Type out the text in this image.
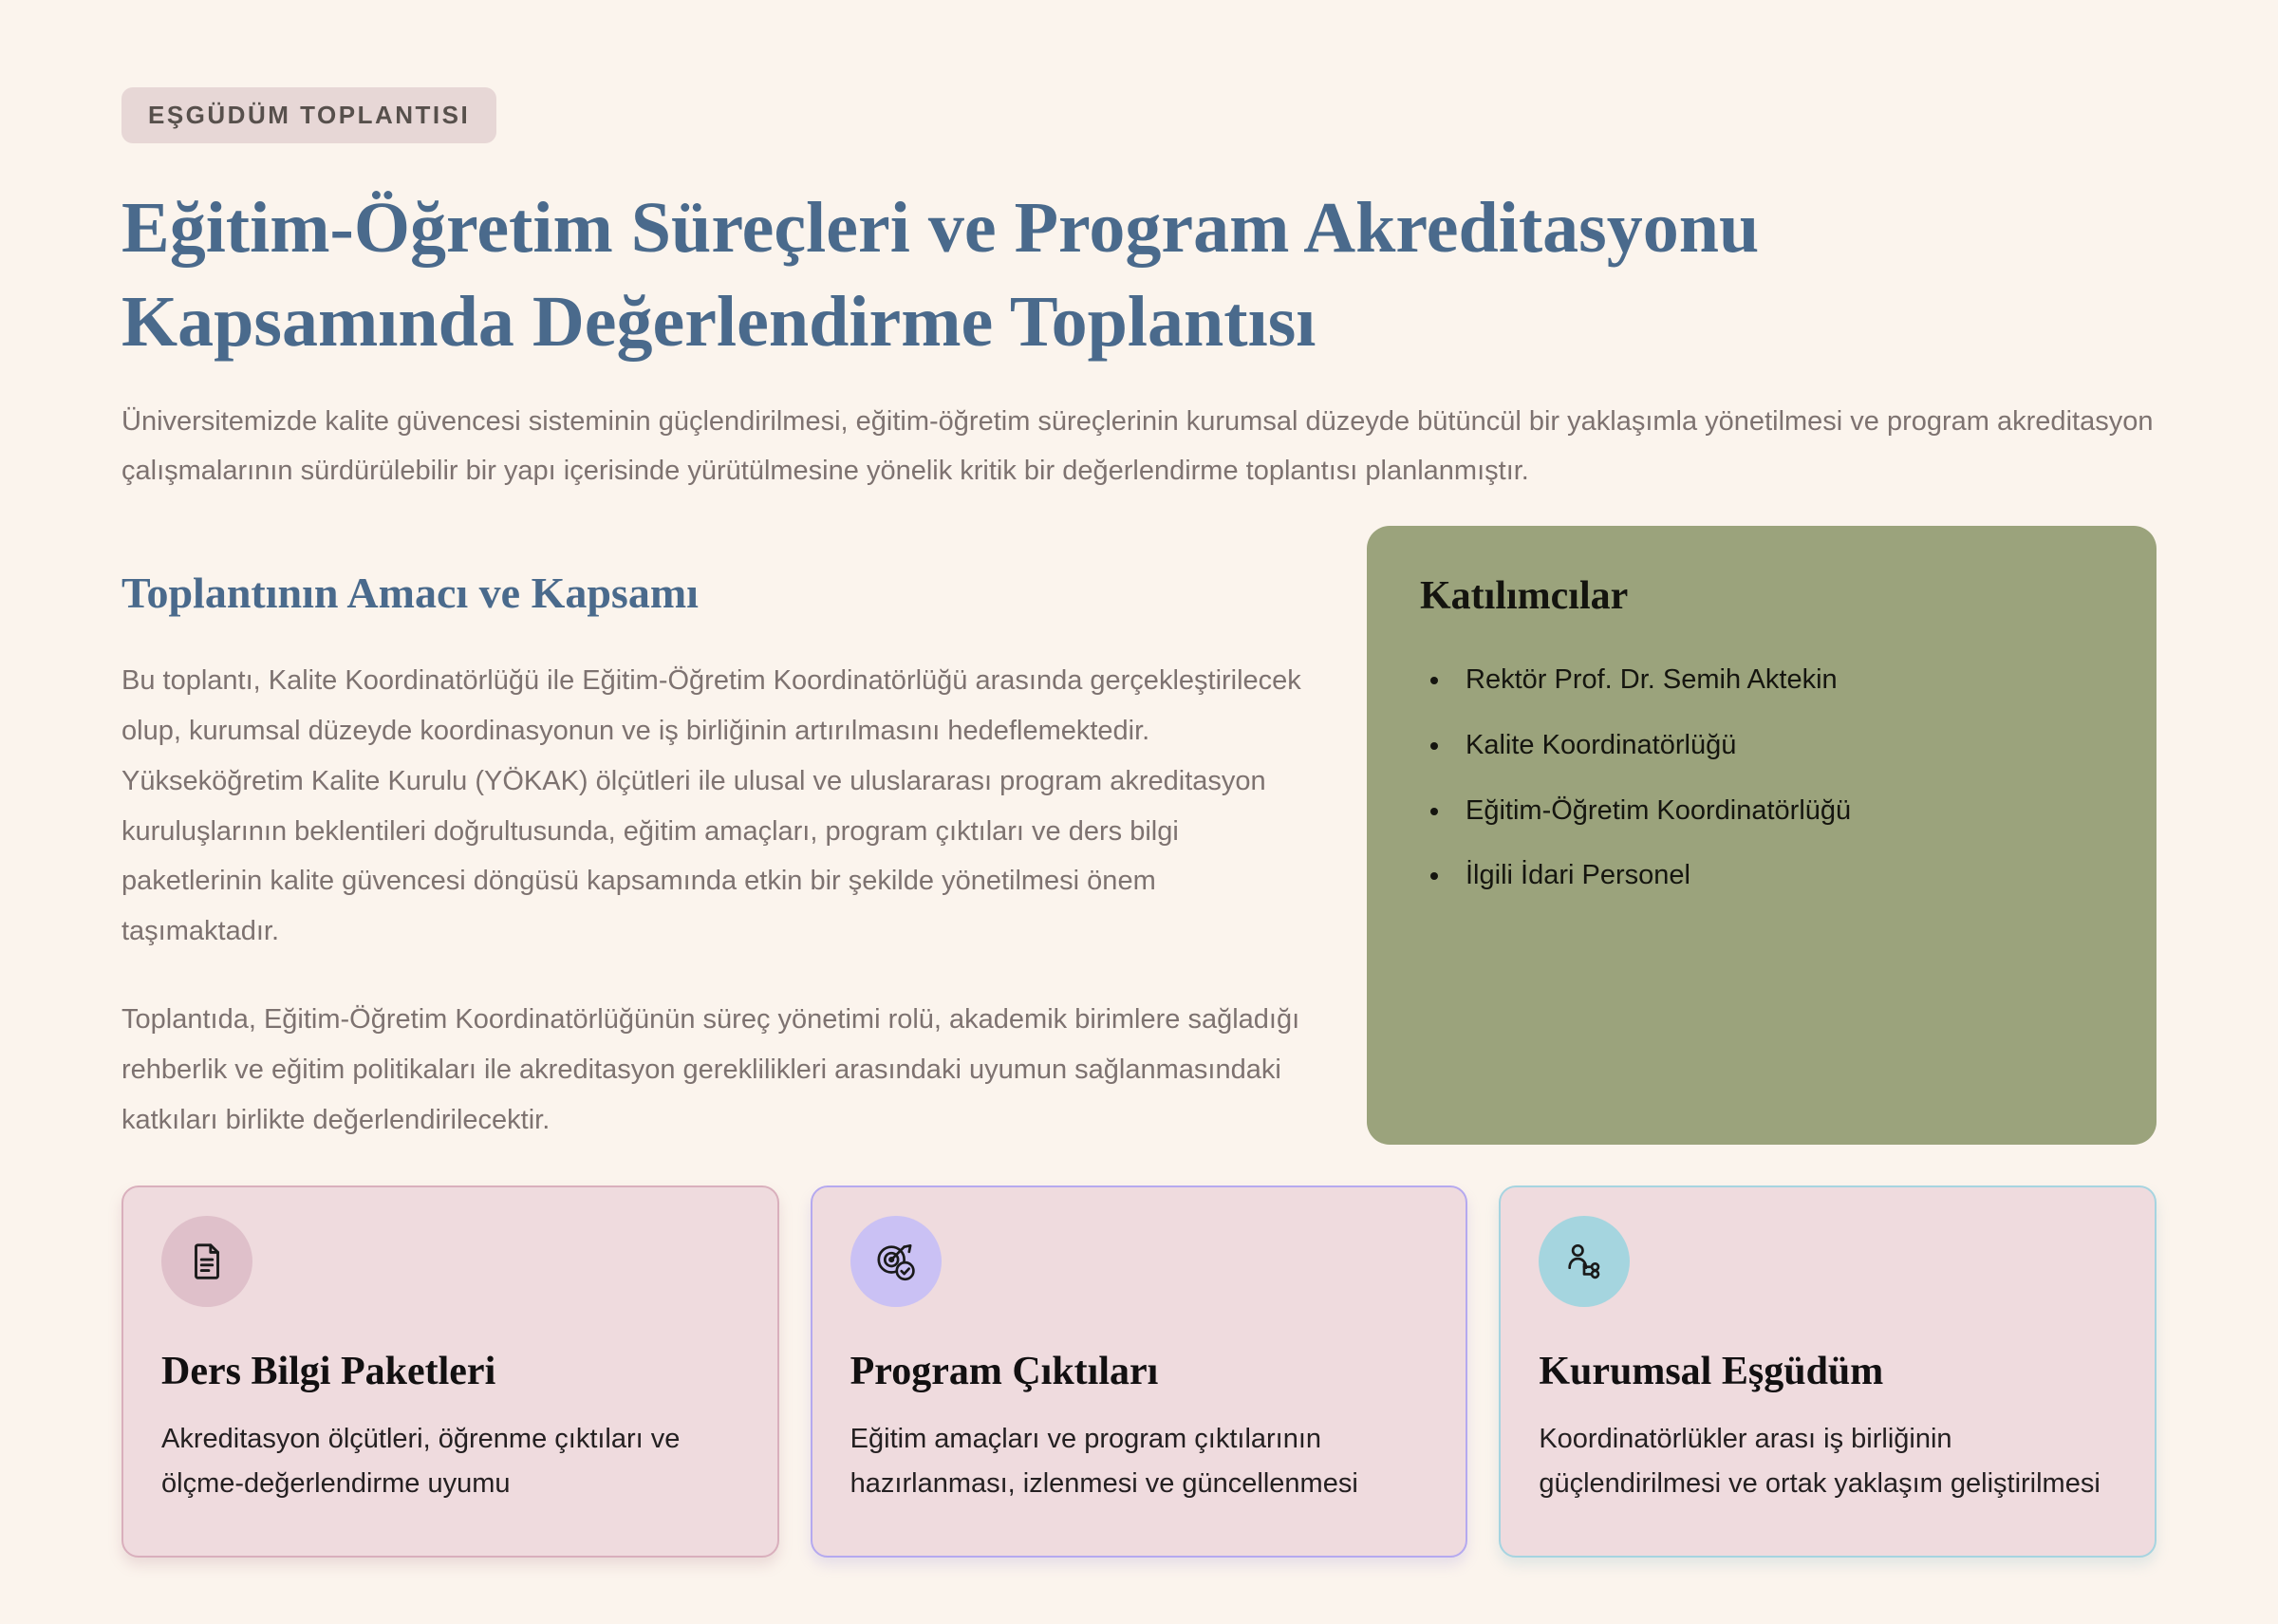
EŞGÜDÜM TOPLANTISI
Eğitim-Öğretim Süreçleri ve Program Akreditasyonu Kapsamında Değerlendirme Toplantısı

Üniversitemizde kalite güvencesi sisteminin güçlendirilmesi, eğitim-öğretim süreçlerinin kurumsal düzeyde bütüncül bir yaklaşımla yönetilmesi ve program akreditasyon çalışmalarının sürdürülebilir bir yapı içerisinde yürütülmesine yönelik kritik bir değerlendirme toplantısı planlanmıştır.

Toplantının Amacı ve Kapsamı

Bu toplantı, Kalite Koordinatörlüğü ile Eğitim-Öğretim Koordinatörlüğü arasında gerçekleştirilecek olup, kurumsal düzeyde koordinasyonun ve iş birliğinin artırılmasını hedeflemektedir. Yükseköğretim Kalite Kurulu (YÖKAK) ölçütleri ile ulusal ve uluslararası program akreditasyon kuruluşlarının beklentileri doğrultusunda, eğitim amaçları, program çıktıları ve ders bilgi paketlerinin kalite güvencesi döngüsü kapsamında etkin bir şekilde yönetilmesi önem taşımaktadır.

Toplantıda, Eğitim-Öğretim Koordinatörlüğünün süreç yönetimi rolü, akademik birimlere sağladığı rehberlik ve eğitim politikaları ile akreditasyon gereklilikleri arasındaki uyumun sağlanmasındaki katkıları birlikte değerlendirilecektir.

Katılımcılar
• Rektör Prof. Dr. Semih Aktekin
• Kalite Koordinatörlüğü
• Eğitim-Öğretim Koordinatörlüğü
• İlgili İdari Personel
Ders Bilgi Paketleri

Akreditasyon ölçütleri, öğrenme çıktıları ve ölçme-değerlendirme uyumu

Program Çıktıları

Eğitim amaçları ve program çıktılarının hazırlanması, izlenmesi ve güncellenmesi

Kurumsal Eşgüdüm

Koordinatörlükler arası iş birliğinin güçlendirilmesi ve ortak yaklaşım geliştirilmesi
